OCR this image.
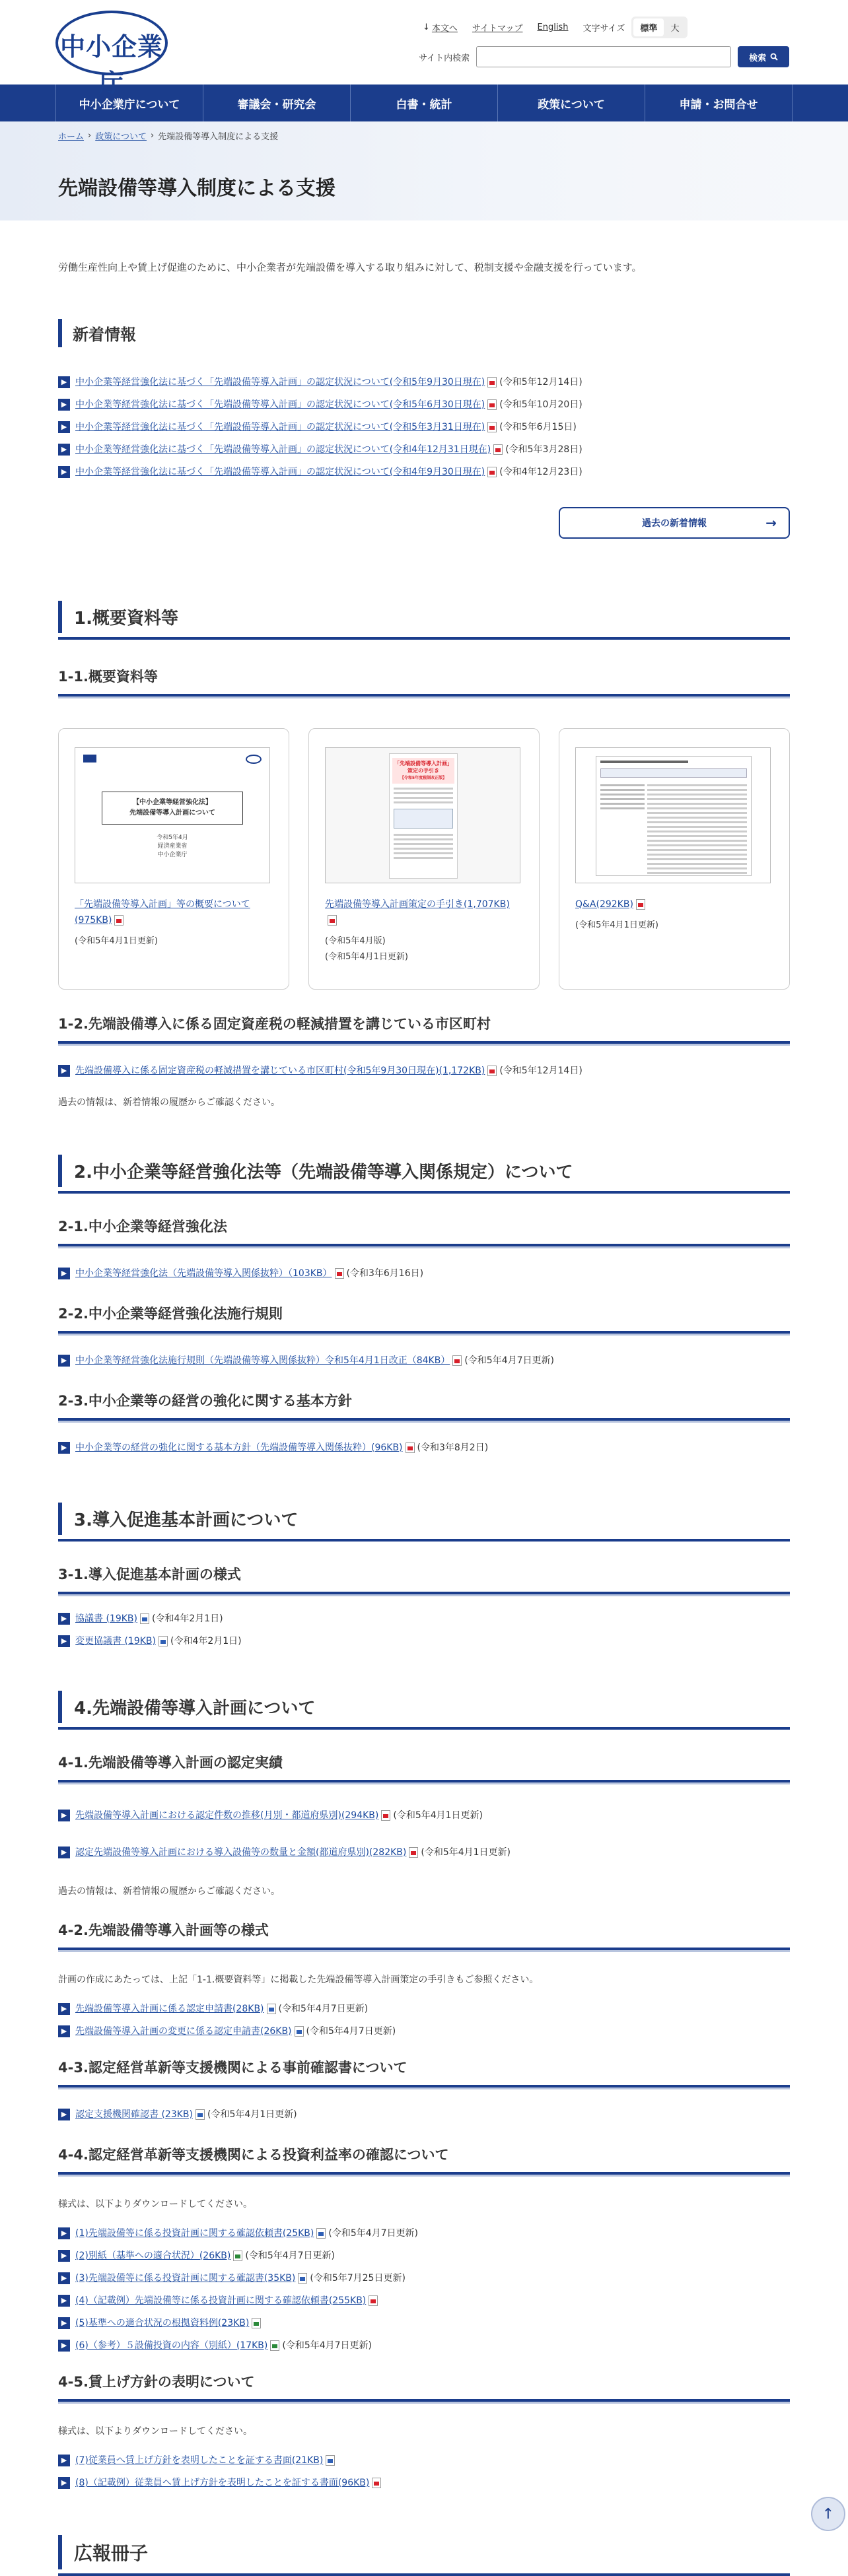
中小企業庁
↓ 本文へ サイトマップ English 文字サイズ	標準	大
サイト内検索	検索
中小企業庁について	審議会・研究会	白書・統計	政策について	申請・お問合せ
ホーム › 政策について › 先端設備等導入制度による支援
先端設備等導入制度による支援

労働生産性向上や賃上げ促進のために、中小企業者が先端設備を導入する取り組みに対して、税制支援や金融支援を行っています。

新着情報
▶ 中小企業等経営強化法に基づく「先端設備等導入計画」の認定状況について(令和5年9月30日現在) (令和5年12月14日)
▶ 中小企業等経営強化法に基づく「先端設備等導入計画」の認定状況について(令和5年6月30日現在) (令和5年10月20日)
▶ 中小企業等経営強化法に基づく「先端設備等導入計画」の認定状況について(令和5年3月31日現在) (令和5年6月15日)
▶ 中小企業等経営強化法に基づく「先端設備等導入計画」の認定状況について(令和4年12月31日現在) (令和5年3月28日)
▶ 中小企業等経営強化法に基づく「先端設備等導入計画」の認定状況について(令和4年9月30日現在) (令和4年12月23日)
過去の新着情報	→
1.概要資料等
1-1.概要資料等
【中小企業等経営強化法】
先端設備等導入計画について
令和5年4月
経済産業省
中小企業庁
「先端設備等導入計画」等の概要について(975KB)
(令和5年4月1日更新)
「先端設備等導入計画」
策定の手引き
【令和5年度税制改正版】
先端設備等導入計画策定の手引き(1,707KB)
(令和5年4月版)
(令和5年4月1日更新)
Q&A(292KB)
(令和5年4月1日更新)
1-2.先端設備導入に係る固定資産税の軽減措置を講じている市区町村
▶ 先端設備導入に係る固定資産税の軽減措置を講じている市区町村(令和5年9月30日現在)(1,172KB) (令和5年12月14日)

過去の情報は、新着情報の履歴からご確認ください。

2.中小企業等経営強化法等（先端設備等導入関係規定）について
2-1.中小企業等経営強化法
▶ 中小企業等経営強化法（先端設備等導入関係抜粋）（103KB） (令和3年6月16日)
2-2.中小企業等経営強化法施行規則
▶ 中小企業等経営強化法施行規則（先端設備等導入関係抜粋）令和5年4月1日改正（84KB） (令和5年4月7日更新)
2-3.中小企業等の経営の強化に関する基本方針
▶ 中小企業等の経営の強化に関する基本方針（先端設備等導入関係抜粋）(96KB) (令和3年8月2日)
3.導入促進基本計画について
3-1.導入促進基本計画の様式
▶ 協議書 (19KB) (令和4年2月1日)
▶ 変更協議書 (19KB) (令和4年2月1日)
4.先端設備等導入計画について
4-1.先端設備等導入計画の認定実績
▶ 先端設備等導入計画における認定件数の推移(月別・都道府県別)(294KB) (令和5年4月1日更新)
▶ 認定先端設備等導入計画における導入設備等の数量と金額(都道府県別)(282KB) (令和5年4月1日更新)

過去の情報は、新着情報の履歴からご確認ください。

4-2.先端設備等導入計画等の様式

計画の作成にあたっては、上記「1-1.概要資料等」に掲載した先端設備等導入計画策定の手引きもご参照ください。

▶ 先端設備等導入計画に係る認定申請書(28KB) (令和5年4月7日更新)
▶ 先端設備等導入計画の変更に係る認定申請書(26KB) (令和5年4月7日更新)
4-3.認定経営革新等支援機関による事前確認書について
▶ 認定支援機関確認書 (23KB) (令和5年4月1日更新)
4-4.認定経営革新等支援機関による投資利益率の確認について

様式は、以下よりダウンロードしてください。

▶ (1)先端設備等に係る投資計画に関する確認依頼書(25KB) (令和5年4月7日更新)
▶ (2)別紙（基準への適合状況）(26KB) (令和5年4月7日更新)
▶ (3)先端設備等に係る投資計画に関する確認書(35KB) (令和5年7月25日更新)
▶ (4)（記載例）先端設備等に係る投資計画に関する確認依頼書(255KB)
▶ (5)基準への適合状況の根拠資料例(23KB)
▶ (6)（参考）５設備投資の内容（別紙）(17KB) (令和5年4月7日更新)
4-5.賃上げ方針の表明について

様式は、以下よりダウンロードしてください。

▶ (7)従業員へ賃上げ方針を表明したことを証する書面(21KB)
▶ (8)（記載例）従業員へ賃上げ方針を表明したことを証する書面(96KB)
広報冊子
↑
